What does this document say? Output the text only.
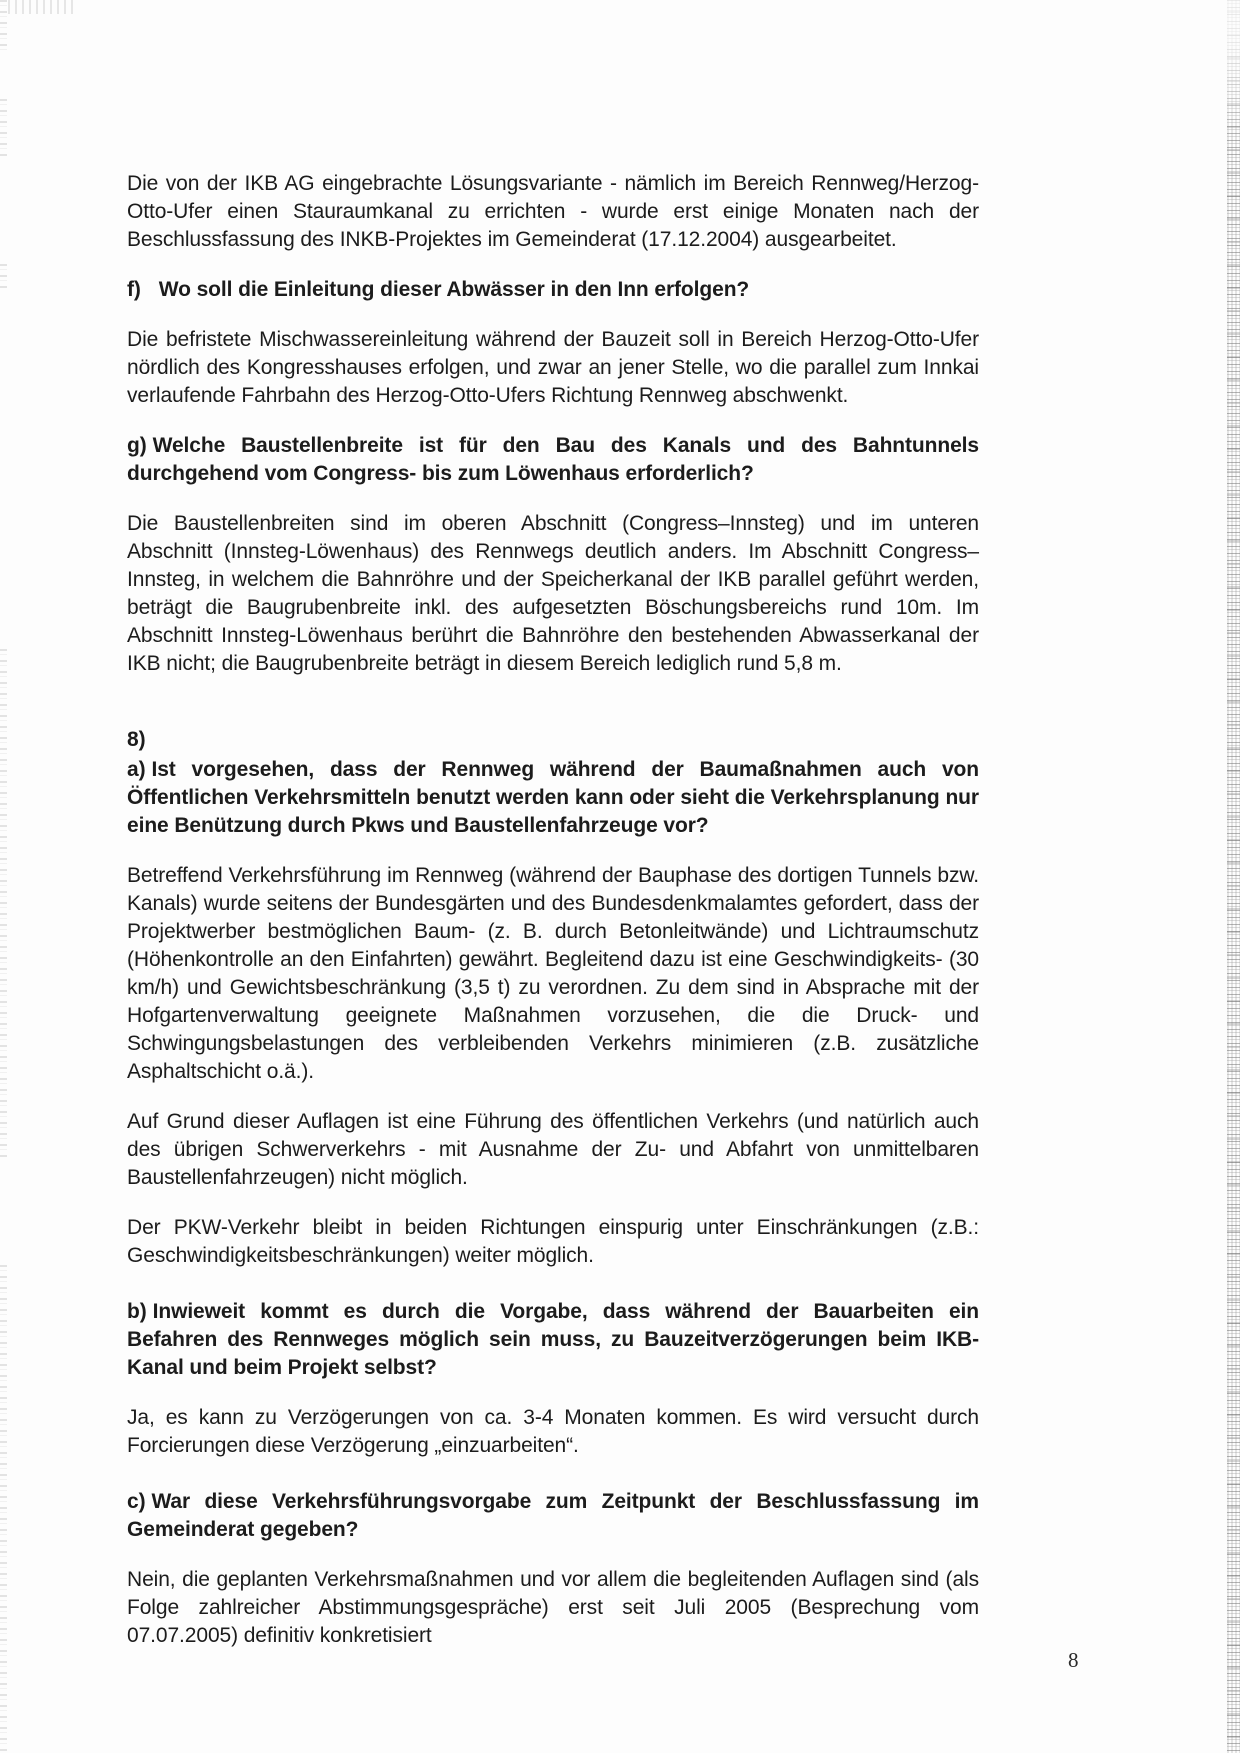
Die von der IKB AG eingebrachte Lösungsvariante - nämlich im Bereich Rennweg/Herzog-Otto-Ufer einen Stauraumkanal zu errichten - wurde erst einige Monaten nach der Beschlussfassung des INKB-Projektes im Gemeinderat (17.12.2004) ausgearbeitet.

f) Wo soll die Einleitung dieser Abwässer in den Inn erfolgen?

Die befristete Mischwassereinleitung während der Bauzeit soll in Bereich Herzog-Otto-Ufer nördlich des Kongresshauses erfolgen, und zwar an jener Stelle, wo die parallel zum Innkai verlaufende Fahrbahn des Herzog-Otto-Ufers Richtung Rennweg abschwenkt.

g) Welche Baustellenbreite ist für den Bau des Kanals und des Bahntunnels durchgehend vom Congress- bis zum Löwenhaus erforderlich?

Die Baustellenbreiten sind im oberen Abschnitt (Congress–Innsteg) und im unteren Abschnitt (Innsteg-Löwenhaus) des Rennwegs deutlich anders. Im Abschnitt Congress–Innsteg, in welchem die Bahnröhre und der Speicherkanal der IKB parallel geführt werden, beträgt die Baugrubenbreite inkl. des aufgesetzten Böschungsbereichs rund 10m. Im Abschnitt Innsteg-Löwenhaus berührt die Bahnröhre den bestehenden Abwasserkanal der IKB nicht; die Baugrubenbreite beträgt in diesem Bereich lediglich rund 5,8 m.

8)

a) Ist vorgesehen, dass der Rennweg während der Baumaßnahmen auch von Öffentlichen Verkehrsmitteln benutzt werden kann oder sieht die Verkehrsplanung nur eine Benützung durch Pkws und Baustellenfahrzeuge vor?

Betreffend Verkehrsführung im Rennweg (während der Bauphase des dortigen Tunnels bzw. Kanals) wurde seitens der Bundesgärten und des Bundesdenkmalamtes gefordert, dass der Projektwerber bestmöglichen Baum- (z. B. durch Betonleitwände) und Lichtraumschutz (Höhenkontrolle an den Einfahrten) gewährt. Begleitend dazu ist eine Geschwindigkeits- (30 km/h) und Gewichtsbeschränkung (3,5 t) zu verordnen. Zu dem sind in Absprache mit der Hofgartenverwaltung geeignete Maßnahmen vorzusehen, die die Druck- und Schwingungsbelastungen des verbleibenden Verkehrs minimieren (z.B. zusätzliche Asphaltschicht o.ä.).

Auf Grund dieser Auflagen ist eine Führung des öffentlichen Verkehrs (und natürlich auch des übrigen Schwerverkehrs - mit Ausnahme der Zu- und Abfahrt von unmittelbaren Baustellenfahrzeugen) nicht möglich.

Der PKW-Verkehr bleibt in beiden Richtungen einspurig unter Einschränkungen (z.B.: Geschwindigkeitsbeschränkungen) weiter möglich.

b) Inwieweit kommt es durch die Vorgabe, dass während der Bauarbeiten ein Befahren des Rennweges möglich sein muss, zu Bauzeitverzögerungen beim IKB-Kanal und beim Projekt selbst?

Ja, es kann zu Verzögerungen von ca. 3-4 Monaten kommen. Es wird versucht durch Forcierungen diese Verzögerung „einzuarbeiten“.

c) War diese Verkehrsführungsvorgabe zum Zeitpunkt der Beschlussfassung im Gemeinderat gegeben?

Nein, die geplanten Verkehrsmaßnahmen und vor allem die begleitenden Auflagen sind (als Folge zahlreicher Abstimmungsgespräche) erst seit Juli 2005 (Besprechung vom 07.07.2005) definitiv konkretisiert

8
